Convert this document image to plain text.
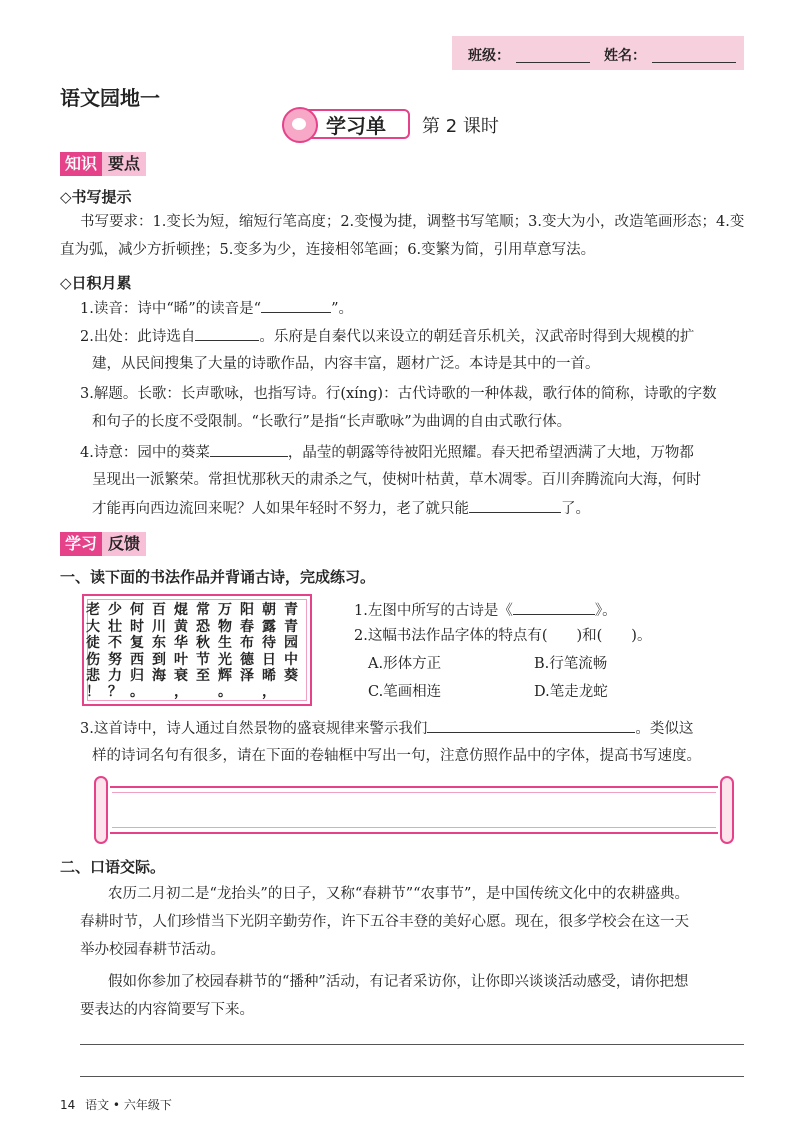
班级：	姓名：
语文园地一
学习单 第 2 课时
知识 要点
◇书写提示
书写要求：1.变长为短，缩短行笔高度；2.变慢为捷，调整书写笔顺；3.变大为小，改造笔画形态；4.变
直为弧，减少方折顿挫；5.变多为少，连接相邻笔画；6.变繁为简，引用草意写法。
◇日积月累
1.读音：诗中“晞”的读音是“	”。
2.出处：此诗选自	。乐府是自秦代以来设立的朝廷音乐机关，汉武帝时得到大规模的扩
建，从民间搜集了大量的诗歌作品，内容丰富，题材广泛。本诗是其中的一首。
3.解题。长歌：长声歌咏，也指写诗。行(xíng)：古代诗歌的一种体裁，歌行体的简称，诗歌的字数
和句子的长度不受限制。“长歌行”是指“长声歌咏”为曲调的自由式歌行体。
4.诗意：园中的葵菜	，晶莹的朝露等待被阳光照耀。春天把希望洒满了大地，万物都
呈现出一派繁荣。常担忧那秋天的肃杀之气，使树叶枯黄，草木凋零。百川奔腾流向大海，何时
才能再向西边流回来呢？人如果年轻时不努力，老了就只能	了。
学习 反馈
一、读下面的书法作品并背诵古诗，完成练习。
青
青
园
中
葵
朝
露
待
日
晞
阳
春
布
德
泽
万
物
生
光
辉
常
恐
秋
节
至
焜
黄
华
叶
衰
百
川
东
到
海
何
时
复
西
归
少
壮
不
努
力
老
大
徒
伤
悲
，
。
，
。
？
！
1.左图中所写的古诗是《	》。
2.这幅书法作品字体的特点有(　　)和(　　)。
A.形体方正	B.行笔流畅
C.笔画相连	D.笔走龙蛇
3.这首诗中，诗人通过自然景物的盛衰规律来警示我们	。类似这
样的诗词名句有很多，请在下面的卷轴框中写出一句，注意仿照作品中的字体，提高书写速度。
二、口语交际。
农历二月初二是“龙抬头”的日子，又称“春耕节”“农事节”，是中国传统文化中的农耕盛典。
春耕时节，人们珍惜当下光阴辛勤劳作，许下五谷丰登的美好心愿。现在，很多学校会在这一天
举办校园春耕节活动。
假如你参加了校园春耕节的“播种”活动，有记者采访你，让你即兴谈谈活动感受，请你把想
要表达的内容简要写下来。
14 语文 • 六年级下
